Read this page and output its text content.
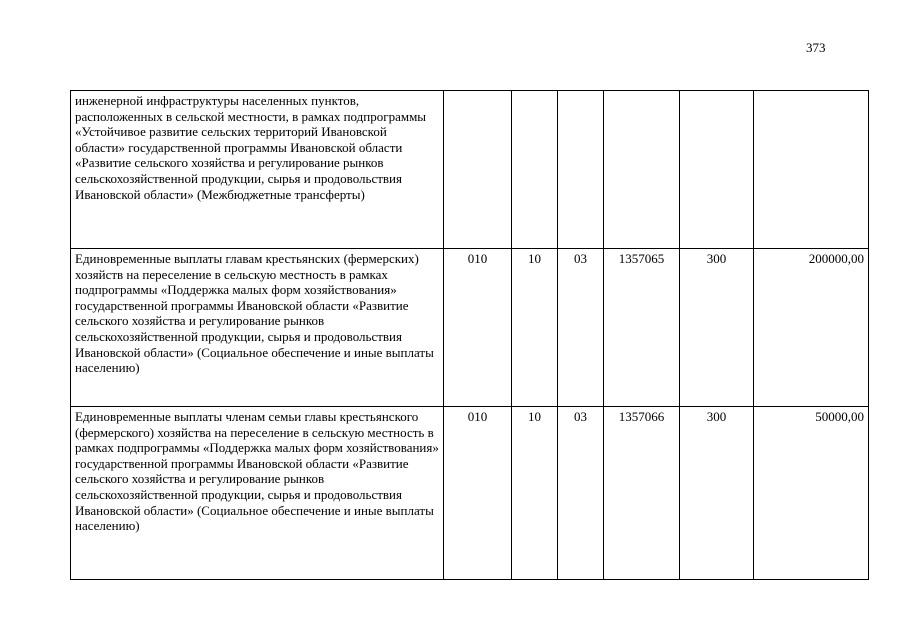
373
инженерной инфраструктуры населенных пунктов, расположенных в сельской местности, в рамках подпрограммы «Устойчивое развитие сельских территорий Ивановской области» государственной программы Ивановской области «Развитие сельского хозяйства и регулирование рынков сельскохозяйственной продукции, сырья и продовольствия Ивановской области» (Межбюджетные трансферты)						
Единовременные выплаты главам крестьянских (фермерских) хозяйств на переселение в сельскую местность в рамках подпрограммы «Поддержка малых форм хозяйствования» государственной программы Ивановской области «Развитие сельского хозяйства и регулирование рынков сельскохозяйственной продукции, сырья и продовольствия Ивановской области» (Социальное обеспечение и иные выплаты населению)	010	10	03	1357065	300	200000,00
Единовременные выплаты членам семьи главы крестьянского (фермерского) хозяйства на переселение в сельскую местность в рамках подпрограммы «Поддержка малых форм хозяйствования» государственной программы Ивановской области «Развитие сельского хозяйства и регулирование рынков сельскохозяйственной продукции, сырья и продовольствия Ивановской области» (Социальное обеспечение и иные выплаты населению)	010	10	03	1357066	300	50000,00
